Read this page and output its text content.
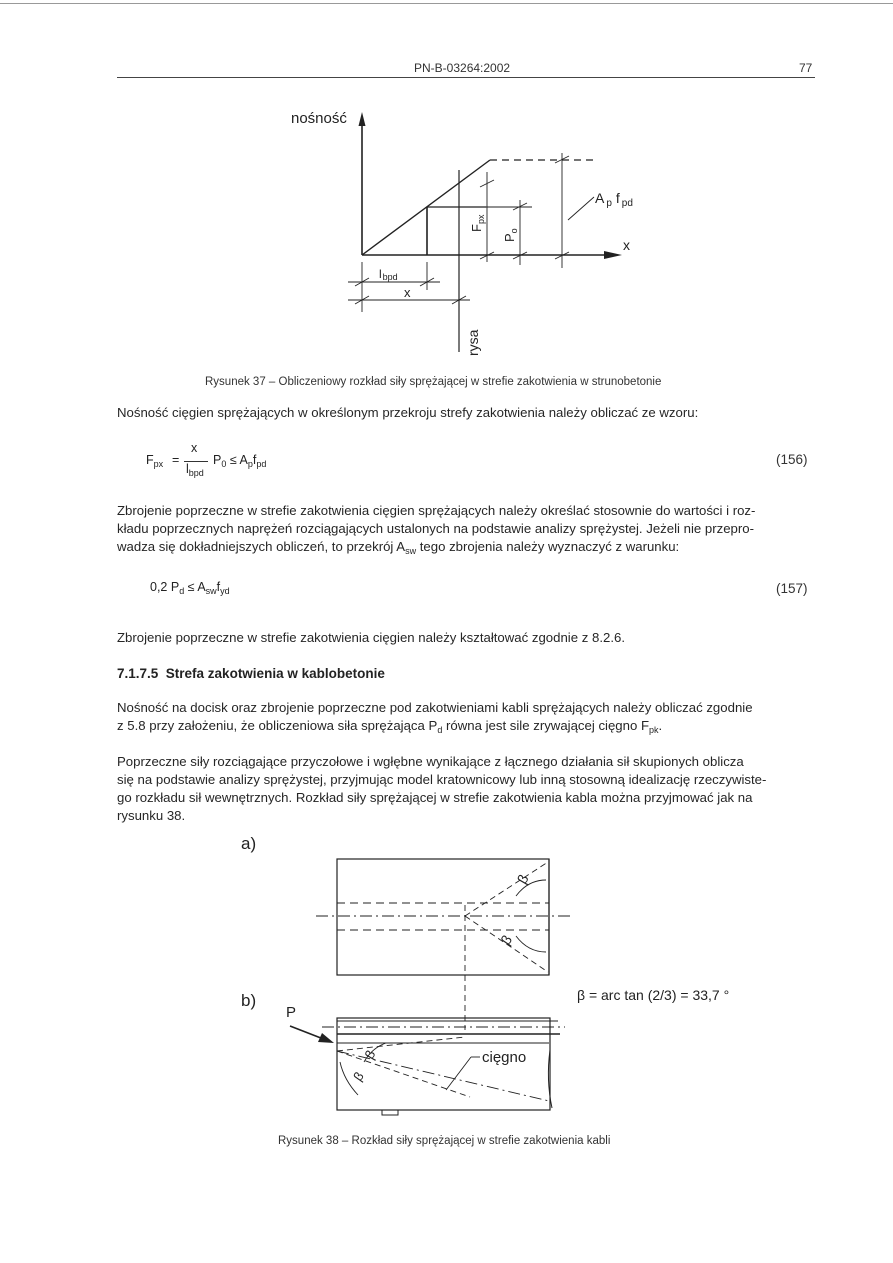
PN-B-03264:2002	77
nośność
x
A $_p$ f $_{pd}$
$F_{px}$
$P_o$
lbpd
x
rysa
Rysunek 37 – Obliczeniowy rozkład siły sprężającej w strefie zakotwienia w strunobetonie
Nośność cięgien sprężających w określonym przekroju strefy zakotwienia należy obliczać ze wzoru:
$F_{px}$ =
x
$l_{bpd}$
$P_0 \le A_pf_{pd}$	(156)
Zbrojenie poprzeczne w strefie zakotwienia cięgien sprężających należy określać stosownie do wartości i roz-
kładu poprzecznych naprężeń rozciągających ustalonych na podstawie analizy sprężystej. Jeżeli nie przepro-
wadza się dokładniejszych obliczeń, to przekrój $A_{sw}$ tego zbrojenia należy wyznaczyć z warunku:
0,2 $P_d \le A_{sw}f_{yd}$	(157)
Zbrojenie poprzeczne w strefie zakotwienia cięgien należy kształtować zgodnie z 8.2.6.
7.1.7.5  Strefa zakotwienia w kablobetonie
Nośność na docisk oraz zbrojenie poprzeczne pod zakotwieniami kabli sprężających należy obliczać zgodnie
z 5.8 przy założeniu, że obliczeniowa siła sprężająca $P_d$ równa jest sile zrywającej cięgno $F_{pk}$.
Poprzeczne siły rozciągające przyczołowe i wgłębne wynikające z łącznego działania sił skupionych oblicza
się na podstawie analizy sprężystej, przyjmując model kratownicowy lub inną stosowną idealizację rzeczywiste-
go rozkładu sił wewnętrznych. Rozkład siły sprężającej w strefie zakotwienia kabla można przyjmować jak na
rysunku 38.
a)
β
β
β = arc tan (2/3) = 33,7 °
b)
P
β
β
cięgno
Rysunek 38 – Rozkład siły sprężającej w strefie zakotwienia kabli
